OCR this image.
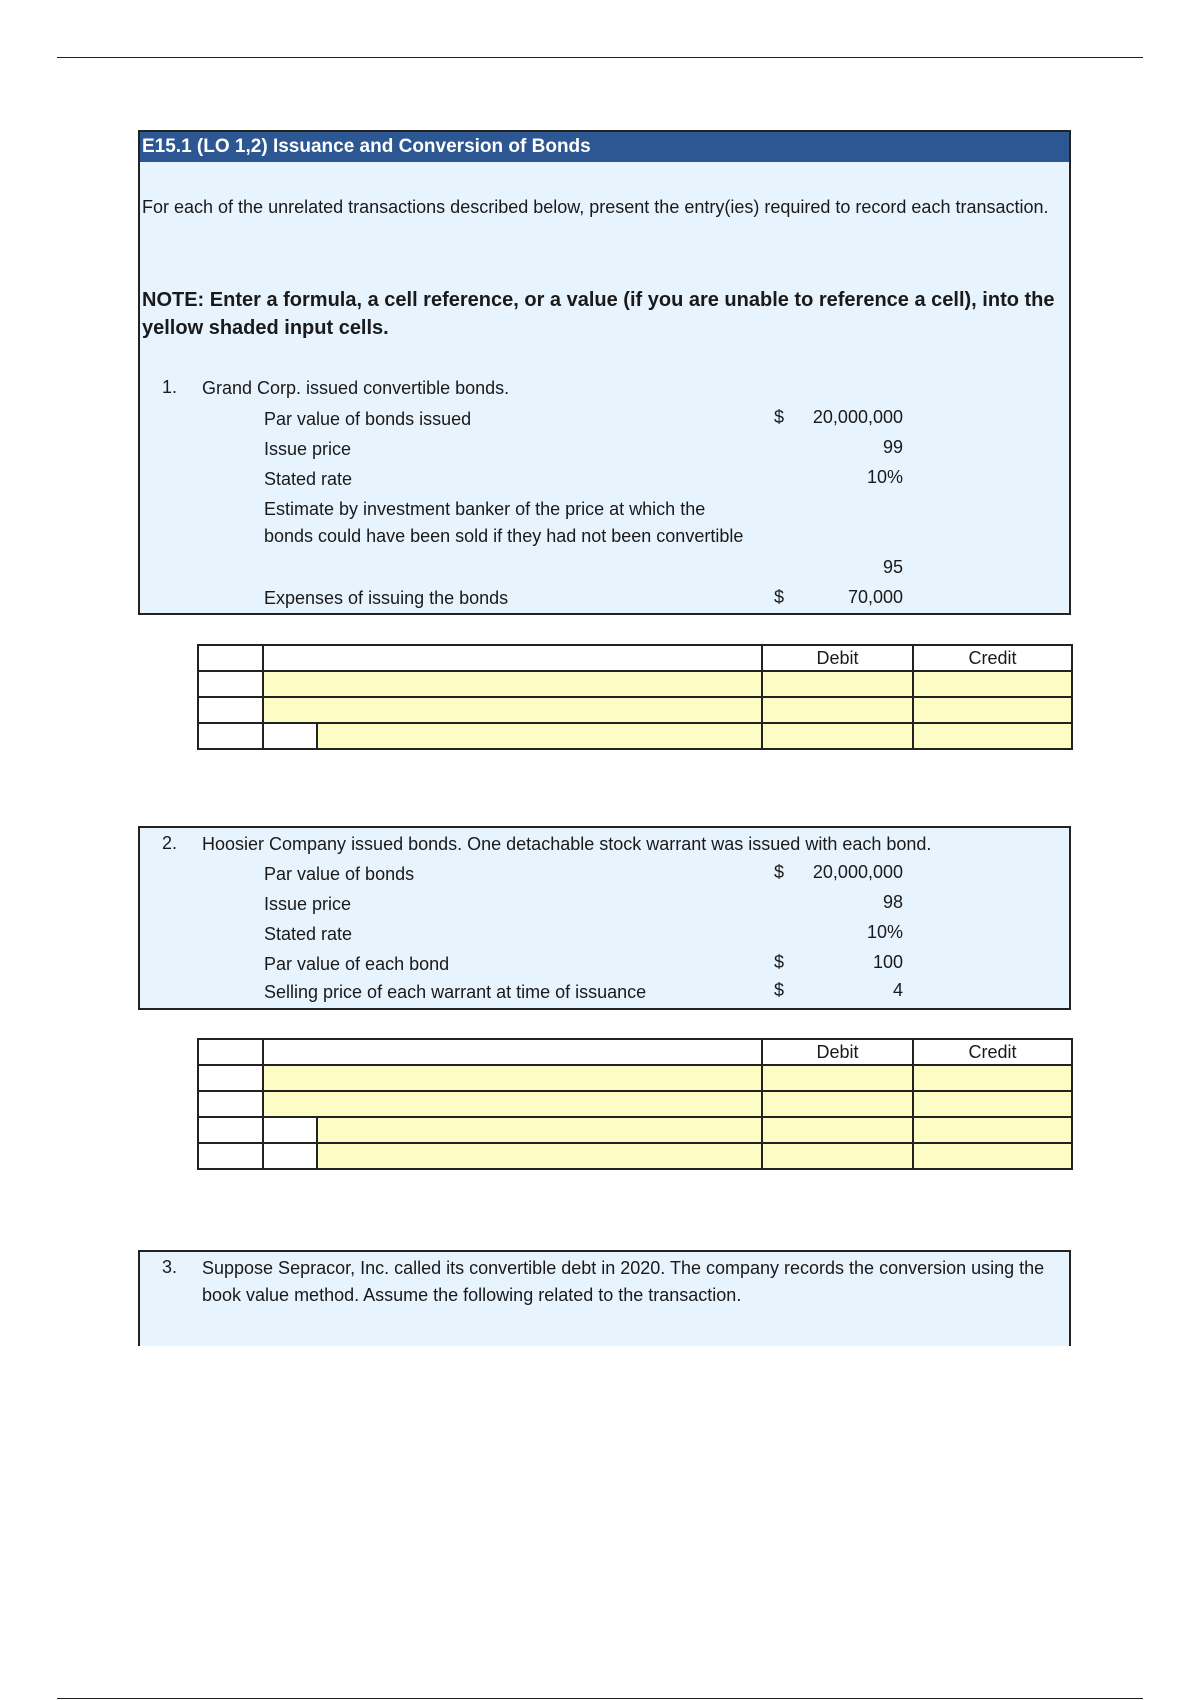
E15.1 (LO 1,2) Issuance and Conversion of Bonds
For each of the unrelated transactions described below, present the entry(ies) required to record each transaction.
NOTE: Enter a formula, a cell reference, or a value (if you are unable to reference a cell), into the yellow shaded input cells.
1. Grand Corp. issued convertible bonds.
Par value of bonds issued	$ 20,000,000
Issue price	99
Stated rate	10%
Estimate by investment banker of the price at which the bonds could have been sold if they had not been convertible
95
Expenses of issuing the bonds	$	70,000
		Debit	Credit

2. Hoosier Company issued bonds. One detachable stock warrant was issued with each bond.
Par value of bonds	$ 20,000,000
Issue price	98
Stated rate	10%
Par value of each bond	$	100
Selling price of each warrant at time of issuance	$	4
		Debit	Credit

3. Suppose Sepracor, Inc. called its convertible debt in 2020. The company records the conversion using the book value method. Assume the following related to the transaction.
